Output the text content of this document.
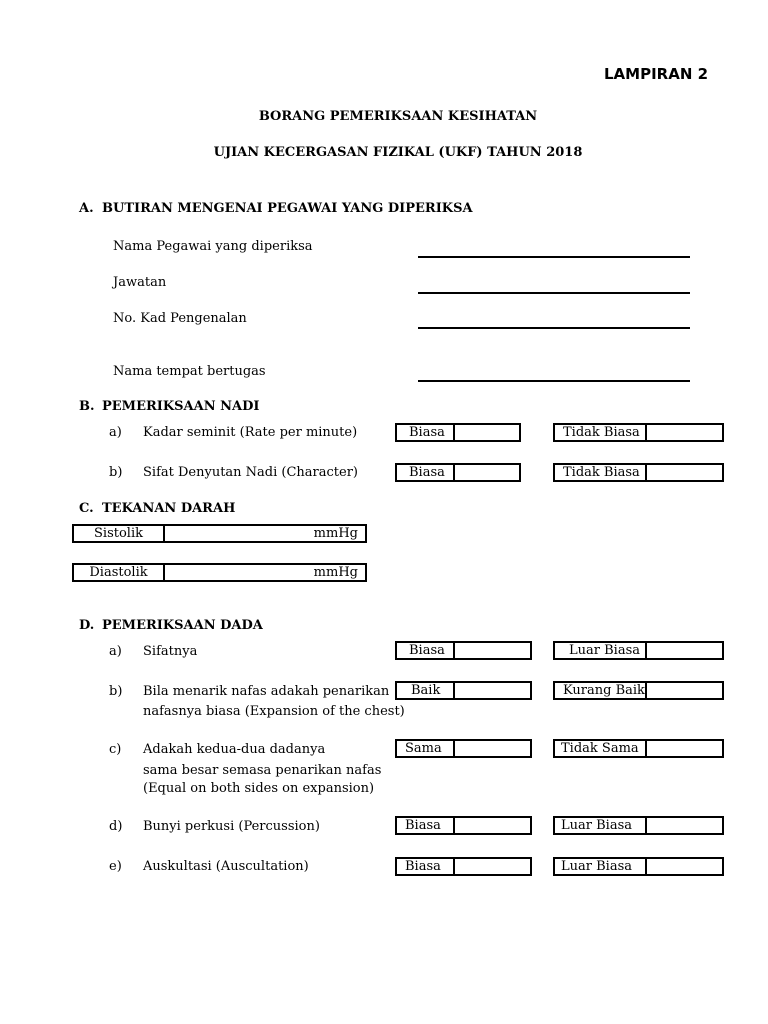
LAMPIRAN 2
BORANG PEMERIKSAAN KESIHATAN
UJIAN KECERGASAN FIZIKAL (UKF) TAHUN 2018
A. BUTIRAN MENGENAI PEGAWAI YANG DIPERIKSA
Nama Pegawai yang diperiksa
Jawatan
No. Kad Pengenalan
Nama tempat bertugas
B. PEMERIKSAAN NADI
a) Kadar seminit (Rate per minute)	Biasa	Tidak Biasa
b) Sifat Denyutan Nadi (Character)	Biasa	Tidak Biasa
C. TEKANAN DARAH
Sistolik	mmHg
Diastolik	mmHg
D. PEMERIKSAAN DADA
a) Sifatnya	Biasa	Luar Biasa
b) Bila menarik nafas adakah penarikan
nafasnya biasa (Expansion of the chest)
Baik	Kurang Baik
c) Adakah kedua-dua dadanya
sama besar semasa penarikan nafas
(Equal on both sides on expansion)
Sama	Tidak Sama
d) Bunyi perkusi (Percussion)	Biasa	Luar Biasa
e) Auskultasi (Auscultation)	Biasa	Luar Biasa
